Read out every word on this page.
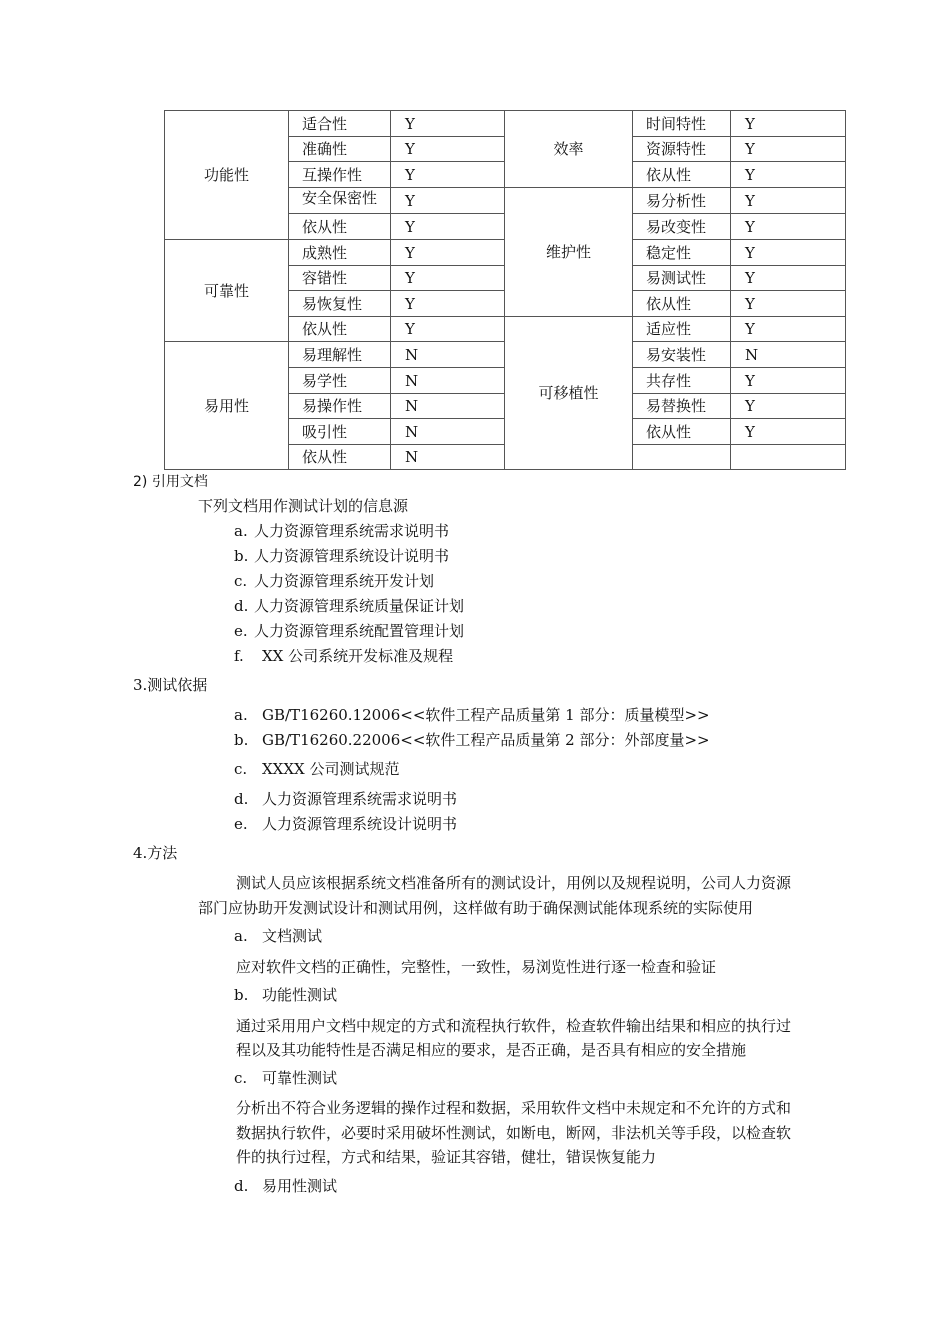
功能性	适合性	Y	效率	时间特性	Y
	准确性	Y		资源特性	Y
	互操作性	Y		依从性	Y
	安全保密性	Y	维护性	易分析性	Y
	依从性	Y		易改变性	Y
可靠性	成熟性	Y		稳定性	Y
	容错性	Y		易测试性	Y
	易恢复性	Y		依从性	Y
	依从性	Y	可移植性	适应性	Y
易用性	易理解性	N		易安装性	N
	易学性	N		共存性	Y
	易操作性	N		易替换性	Y
	吸引性	N		依从性	Y
	依从性	N			
2) 引用文档
下列文档用作测试计划的信息源
a. 人力资源管理系统需求说明书
b. 人力资源管理系统设计说明书
c. 人力资源管理系统开发计划
d. 人力资源管理系统质量保证计划
e. 人力资源管理系统配置管理计划
f. XX 公司系统开发标准及规程
3.测试依据
a. GB/T16260.12006<<软件工程产品质量第 1 部分：质量模型>>
b. GB/T16260.22006<<软件工程产品质量第 2 部分：外部度量>>
c. XXXX 公司测试规范
d. 人力资源管理系统需求说明书
e. 人力资源管理系统设计说明书
4.方法
测试人员应该根据系统文档准备所有的测试设计，用例以及规程说明，公司人力资源
部门应协助开发测试设计和测试用例，这样做有助于确保测试能体现系统的实际使用
a. 文档测试
应对软件文档的正确性，完整性，一致性，易浏览性进行逐一检查和验证
b. 功能性测试
通过采用用户文档中规定的方式和流程执行软件，检查软件输出结果和相应的执行过
程以及其功能特性是否满足相应的要求，是否正确，是否具有相应的安全措施
c. 可靠性测试
分析出不符合业务逻辑的操作过程和数据，采用软件文档中未规定和不允许的方式和
数据执行软件，必要时采用破坏性测试，如断电，断网，非法机关等手段，以检查软
件的执行过程，方式和结果，验证其容错，健壮，错误恢复能力
d. 易用性测试
